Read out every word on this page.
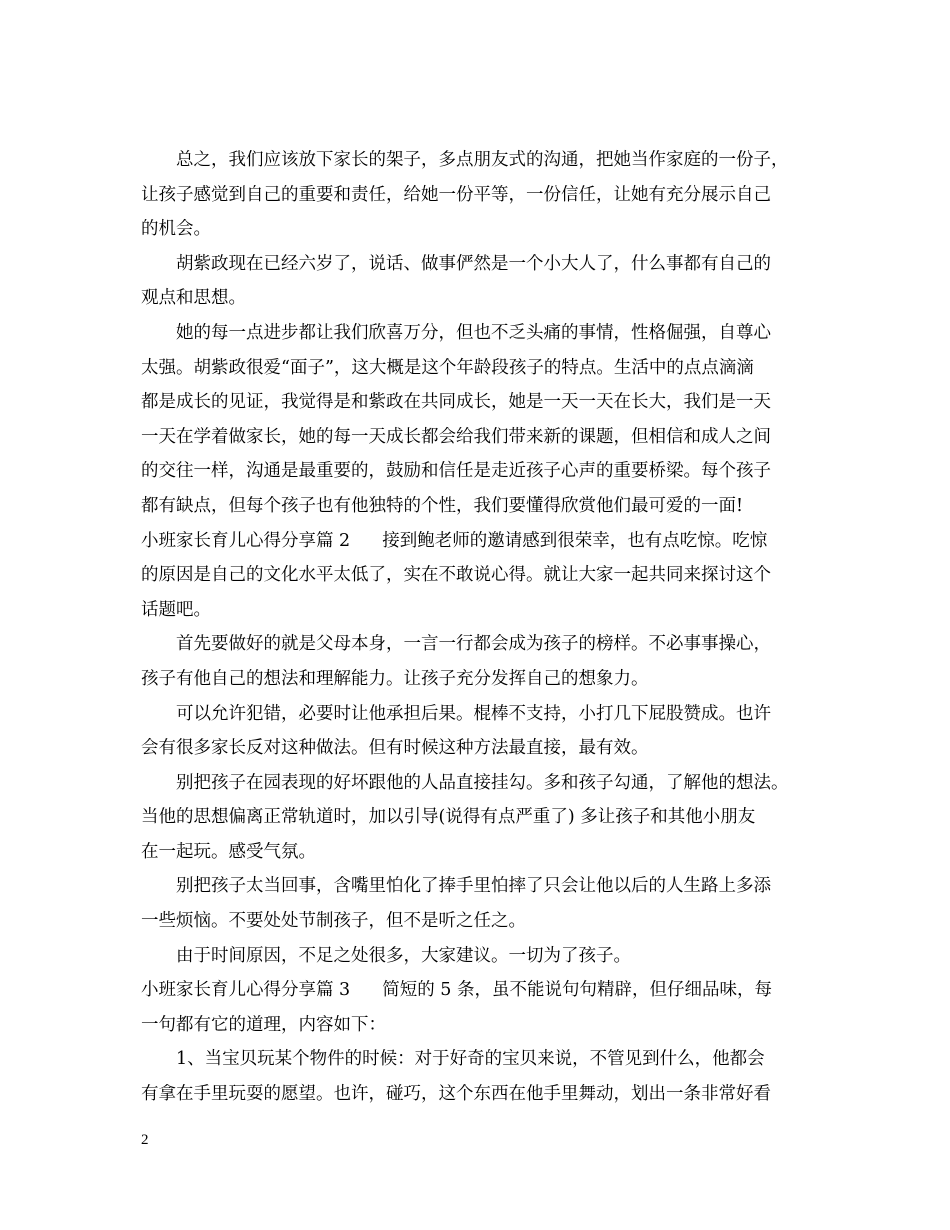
总之，我们应该放下家长的架子，多点朋友式的沟通，把她当作家庭的一份子，
让孩子感觉到自己的重要和责任，给她一份平等，一份信任，让她有充分展示自己
的机会。
胡紫政现在已经六岁了，说话、做事俨然是一个小大人了，什么事都有自己的
观点和思想。
她的每一点进步都让我们欣喜万分，但也不乏头痛的事情，性格倔强，自尊心
太强。胡紫政很爱“面子”，这大概是这个年龄段孩子的特点。生活中的点点滴滴
都是成长的见证，我觉得是和紫政在共同成长，她是一天一天在长大，我们是一天
一天在学着做家长，她的每一天成长都会给我们带来新的课题，但相信和成人之间
的交往一样，沟通是最重要的，鼓励和信任是走近孩子心声的重要桥梁。每个孩子
都有缺点，但每个孩子也有他独特的个性，我们要懂得欣赏他们最可爱的一面!
小班家长育儿心得分享篇 2 接到鲍老师的邀请感到很荣幸，也有点吃惊。吃惊
的原因是自己的文化水平太低了，实在不敢说心得。就让大家一起共同来探讨这个
话题吧。
首先要做好的就是父母本身，一言一行都会成为孩子的榜样。不必事事操心，
孩子有他自己的想法和理解能力。让孩子充分发挥自己的想象力。
可以允许犯错，必要时让他承担后果。棍棒不支持，小打几下屁股赞成。也许
会有很多家长反对这种做法。但有时候这种方法最直接，最有效。
别把孩子在园表现的好坏跟他的人品直接挂勾。多和孩子勾通，了解他的想法。
当他的思想偏离正常轨道时，加以引导(说得有点严重了) 多让孩子和其他小朋友
在一起玩。感受气氛。
别把孩子太当回事，含嘴里怕化了捧手里怕摔了只会让他以后的人生路上多添
一些烦恼。不要处处节制孩子，但不是听之任之。
由于时间原因，不足之处很多，大家建议。一切为了孩子。
小班家长育儿心得分享篇 3 简短的 5 条，虽不能说句句精辟，但仔细品味，每
一句都有它的道理，内容如下：
1、当宝贝玩某个物件的时候：对于好奇的宝贝来说，不管见到什么，他都会
有拿在手里玩耍的愿望。也许，碰巧，这个东西在他手里舞动，划出一条非常好看
2
